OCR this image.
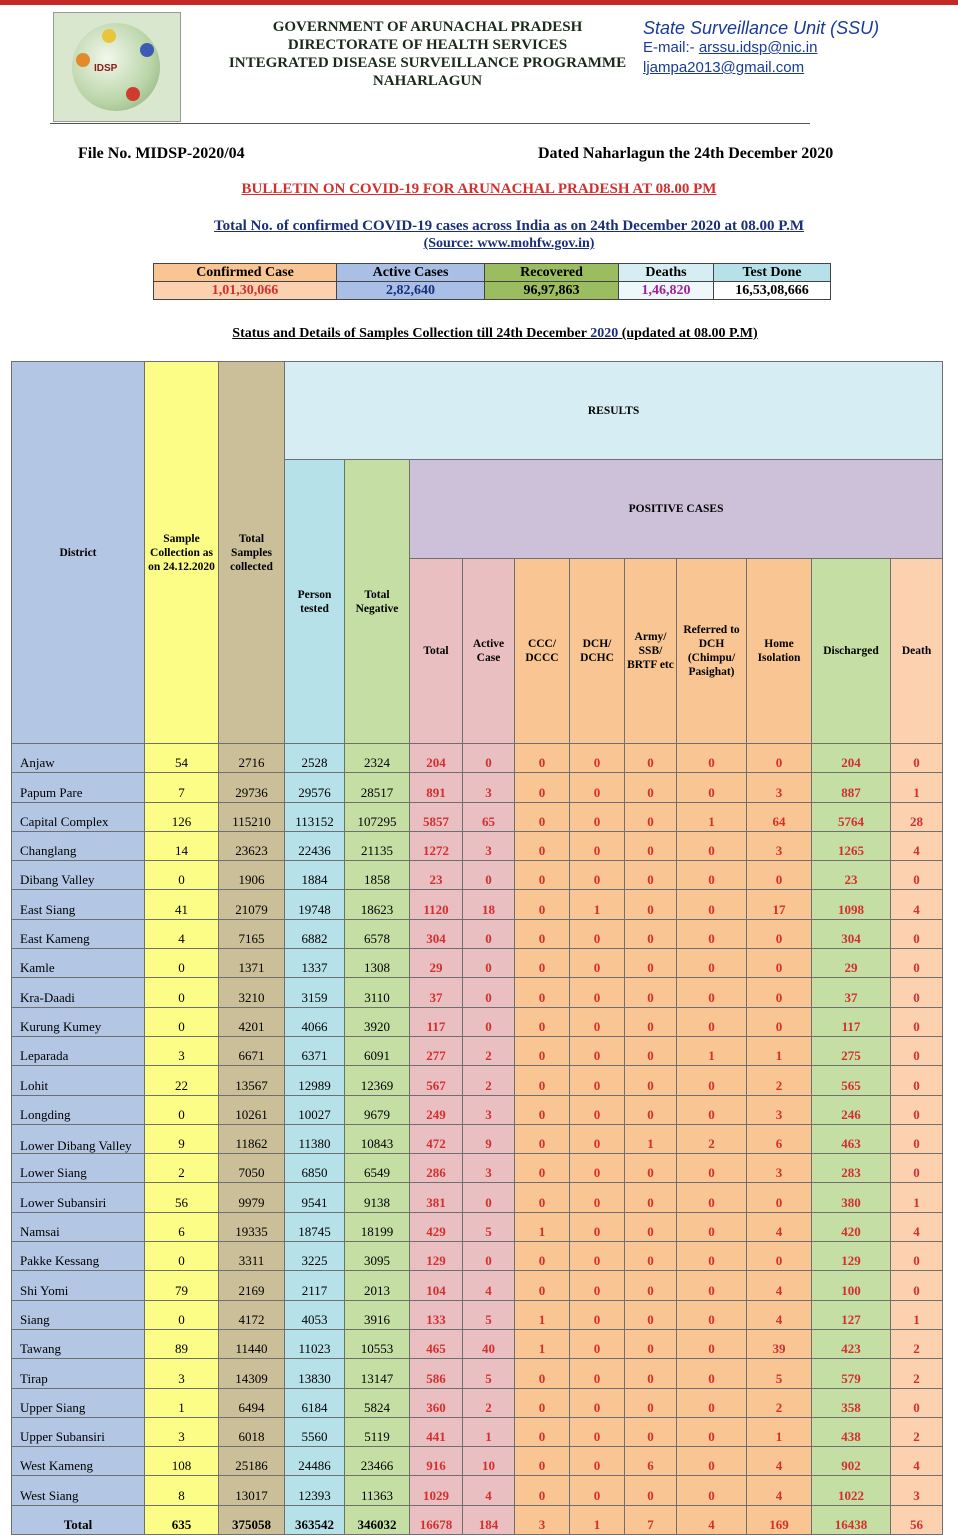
IDSP
GOVERNMENT OF ARUNACHAL PRADESH
DIRECTORATE OF HEALTH SERVICES
INTEGRATED DISEASE SURVEILLANCE PROGRAMME
NAHARLAGUN
State Surveillance Unit (SSU)
E-mail:- arssu.idsp@nic.in
ljampa2013@gmail.com
File No. MIDSP-2020/04	Dated Naharlagun the 24th December 2020
BULLETIN ON COVID-19 FOR ARUNACHAL PRADESH AT 08.00 PM
Total No. of confirmed COVID-19 cases across India as on 24th December 2020 at 08.00 P.M
(Source: www.mohfw.gov.in)
Confirmed Case	Active Cases	Recovered	Deaths	Test Done
1,01,30,066	2,82,640	96,97,863	1,46,820	16,53,08,666
Status and Details of Samples Collection till 24th December 2020 (updated at 08.00 P.M)
District	Sample Collection as on 24.12.2020	Total Samples collected	RESULTS										
			Person tested	Total Negative	POSITIVE CASES								
					Total	Active Case	CCC/ DCCC	DCH/ DCHC	Army/ SSB/ BRTF etc	Referred to DCH (Chimpu/ Pasighat)	Home Isolation	Discharged	Death
Anjaw	54	2716	2528	2324	204	0	0	0	0	0	0	204	0
Papum Pare	7	29736	29576	28517	891	3	0	0	0	0	3	887	1
Capital Complex	126	115210	113152	107295	5857	65	0	0	0	1	64	5764	28
Changlang	14	23623	22436	21135	1272	3	0	0	0	0	3	1265	4
Dibang Valley	0	1906	1884	1858	23	0	0	0	0	0	0	23	0
East Siang	41	21079	19748	18623	1120	18	0	1	0	0	17	1098	4
East Kameng	4	7165	6882	6578	304	0	0	0	0	0	0	304	0
Kamle	0	1371	1337	1308	29	0	0	0	0	0	0	29	0
Kra-Daadi	0	3210	3159	3110	37	0	0	0	0	0	0	37	0
Kurung Kumey	0	4201	4066	3920	117	0	0	0	0	0	0	117	0
Leparada	3	6671	6371	6091	277	2	0	0	0	1	1	275	0
Lohit	22	13567	12989	12369	567	2	0	0	0	0	2	565	0
Longding	0	10261	10027	9679	249	3	0	0	0	0	3	246	0
Lower Dibang Valley	9	11862	11380	10843	472	9	0	0	1	2	6	463	0
Lower Siang	2	7050	6850	6549	286	3	0	0	0	0	3	283	0
Lower Subansiri	56	9979	9541	9138	381	0	0	0	0	0	0	380	1
Namsai	6	19335	18745	18199	429	5	1	0	0	0	4	420	4
Pakke Kessang	0	3311	3225	3095	129	0	0	0	0	0	0	129	0
Shi Yomi	79	2169	2117	2013	104	4	0	0	0	0	4	100	0
Siang	0	4172	4053	3916	133	5	1	0	0	0	4	127	1
Tawang	89	11440	11023	10553	465	40	1	0	0	0	39	423	2
Tirap	3	14309	13830	13147	586	5	0	0	0	0	5	579	2
Upper Siang	1	6494	6184	5824	360	2	0	0	0	0	2	358	0
Upper Subansiri	3	6018	5560	5119	441	1	0	0	0	0	1	438	2
West Kameng	108	25186	24486	23466	916	10	0	0	6	0	4	902	4
West Siang	8	13017	12393	11363	1029	4	0	0	0	0	4	1022	3
Total	635	375058	363542	346032	16678	184	3	1	7	4	169	16438	56
